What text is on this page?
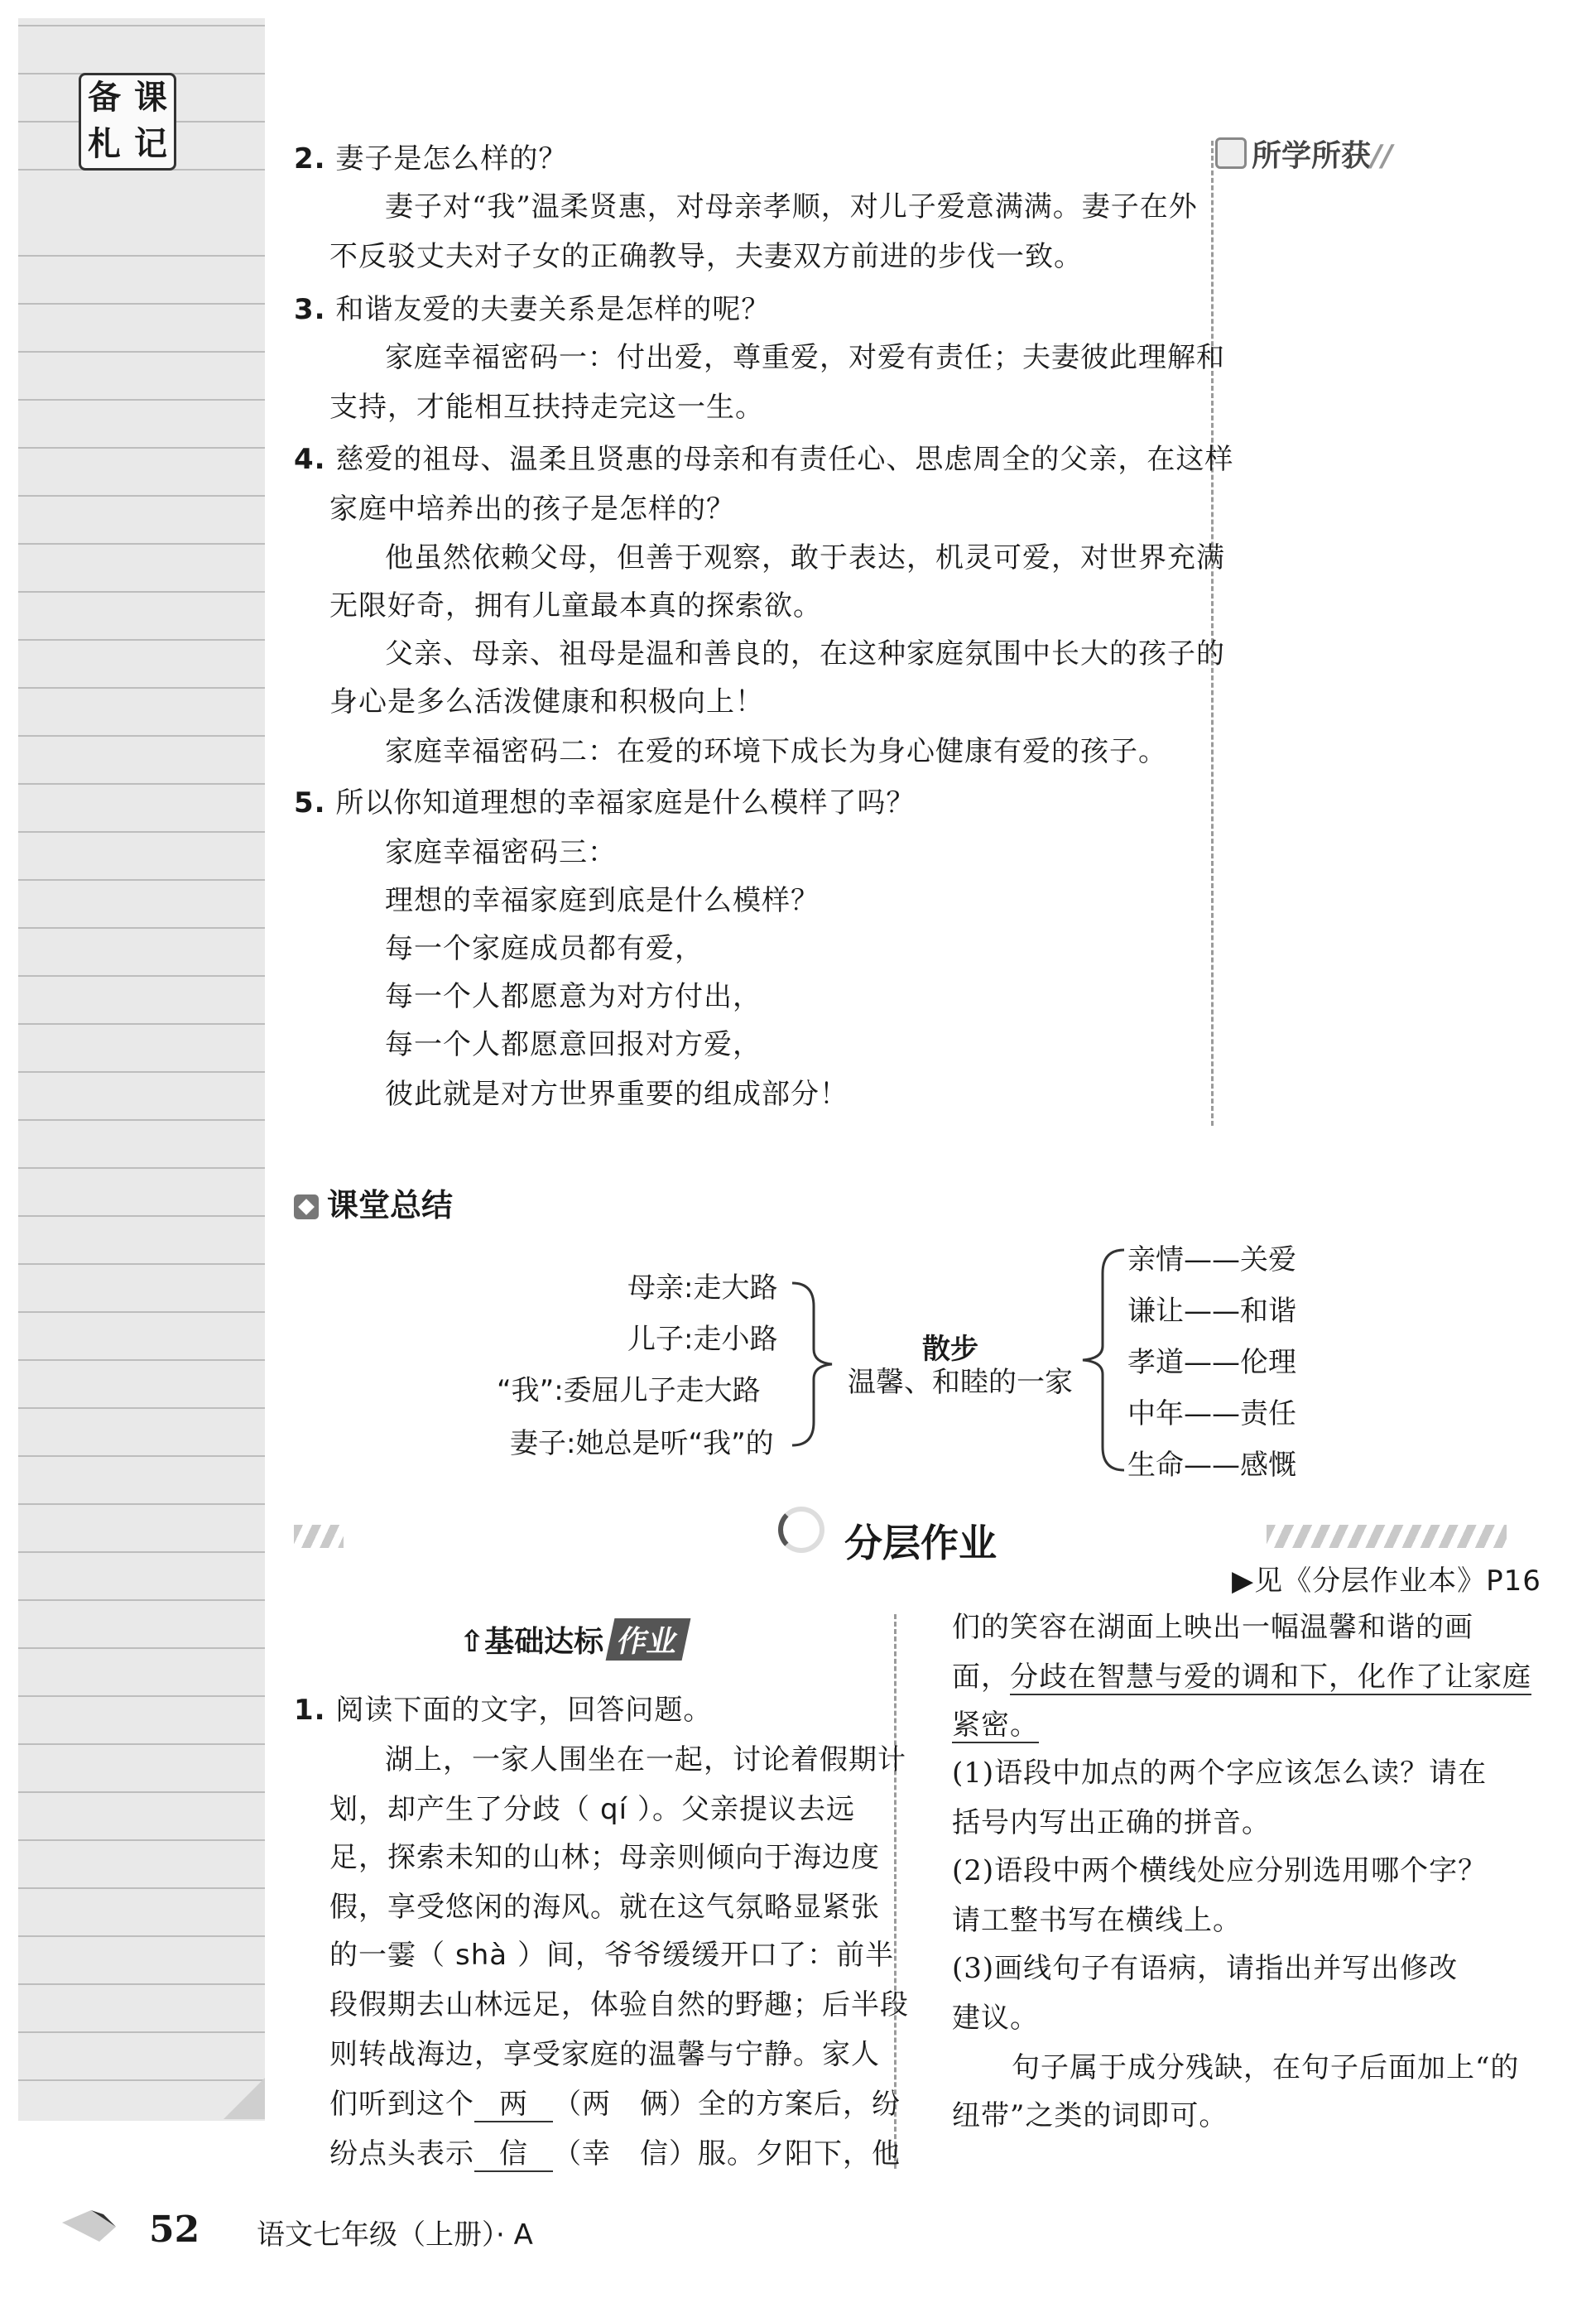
备 课
札 记	所学所获//
2. 妻子是怎么样的？
妻子对“我”温柔贤惠，对母亲孝顺，对儿子爱意满满。妻子在外
不反驳丈夫对子女的正确教导，夫妻双方前进的步伐一致。
3. 和谐友爱的夫妻关系是怎样的呢？
家庭幸福密码一：付出爱，尊重爱，对爱有责任；夫妻彼此理解和
支持，才能相互扶持走完这一生。
4. 慈爱的祖母、温柔且贤惠的母亲和有责任心、思虑周全的父亲，在这样
家庭中培养出的孩子是怎样的？
他虽然依赖父母，但善于观察，敢于表达，机灵可爱，对世界充满
无限好奇，拥有儿童最本真的探索欲。
父亲、母亲、祖母是温和善良的，在这种家庭氛围中长大的孩子的
身心是多么活泼健康和积极向上！
家庭幸福密码二：在爱的环境下成长为身心健康有爱的孩子。
5. 所以你知道理想的幸福家庭是什么模样了吗？
家庭幸福密码三：
理想的幸福家庭到底是什么模样？
每一个家庭成员都有爱，
每一个人都愿意为对方付出，
每一个人都愿意回报对方爱，
彼此就是对方世界重要的组成部分！
课堂总结
母亲:走大路
儿子:走小路
“我”:委屈儿子走大路
妻子:她总是听“我”的
散步
温馨、和睦的一家
亲情——关爱
谦让——和谐
孝道——伦理
中年——责任
生命——感慨
分层作业
▶见《分层作业本》P16
⇧基础达标 作业
1. 阅读下面的文字，回答问题。
湖上，一家人围坐在一起，讨论着假期计
划，却产生了分歧（ qí ）。父亲提议去远
足，探索未知的山林；母亲则倾向于海边度
假，享受悠闲的海风。就在这气氛略显紧张
的一霎（ shà ）间，爷爷缓缓开口了：前半
段假期去山林远足，体验自然的野趣；后半段
则转战海边，享受家庭的温馨与宁静。家人
们听到这个 两 （两　俩）全的方案后，纷
纷点头表示 信 （幸　信）服。夕阳下，他
们的笑容在湖面上映出一幅温馨和谐的画
面，分歧在智慧与爱的调和下，化作了让家庭
紧密。
(1)语段中加点的两个字应该怎么读？请在
括号内写出正确的拼音。
(2)语段中两个横线处应分别选用哪个字？
请工整书写在横线上。
(3)画线句子有语病，请指出并写出修改
建议。
句子属于成分残缺，在句子后面加上“的
纽带”之类的词即可。
52 语文七年级（上册）· A
